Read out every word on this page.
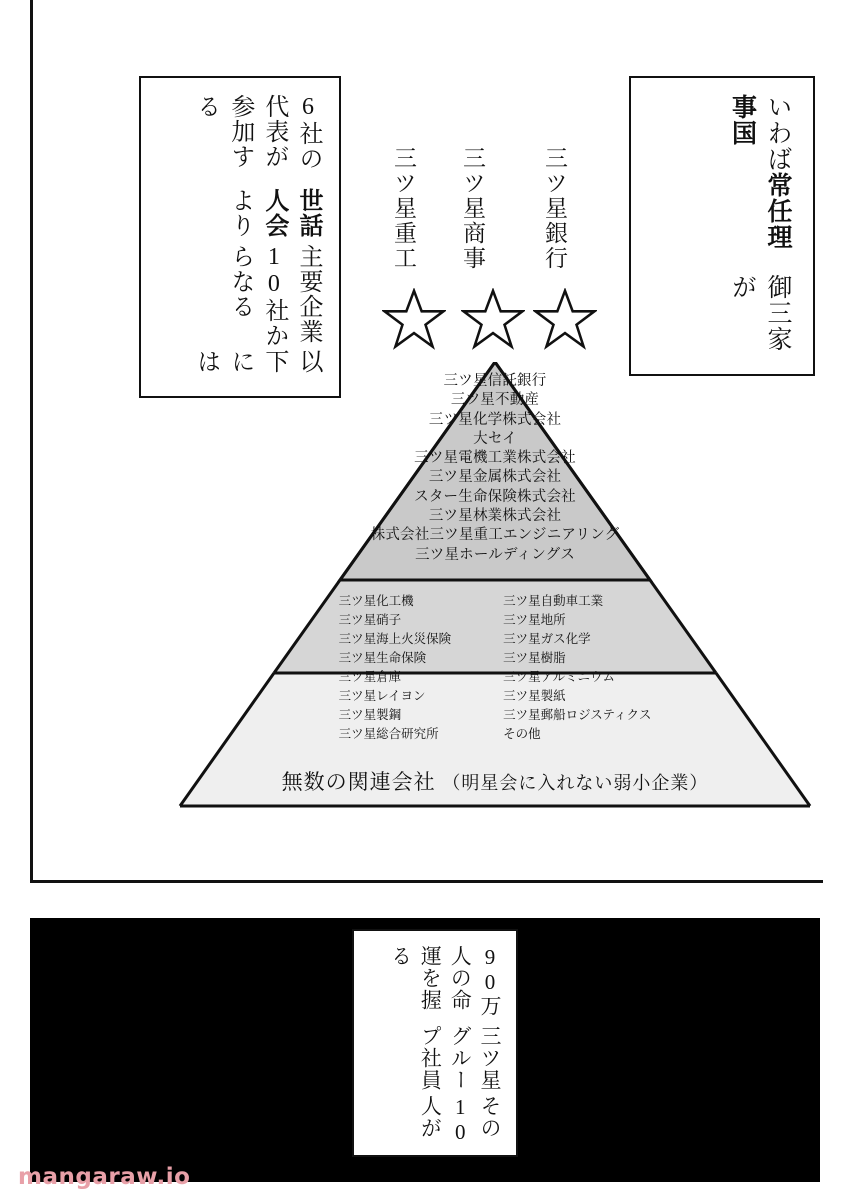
御三家が
いわば常任理事国
以下には
主要企業10社からなる
世話人会より
6社の代表が参加する
三ツ星銀行
三ツ星商事
三ツ星重工
三ツ星信託銀行
三ツ星不動産
三ツ星化学株式会社
大セイ
三ツ星電機工業株式会社
三ツ星金属株式会社
スター生命保険株式会社
三ツ星林業株式会社
株式会社三ツ星重工エンジニアリング
三ツ星ホールディングス
三ツ星化工機
三ツ星硝子
三ツ星海上火災保険
三ツ星生命保険
三ツ星倉庫
三ツ星レイヨン
三ツ星製鋼
三ツ星総合研究所
三ツ星自動車工業
三ツ星地所
三ツ星ガス化学
三ツ星樹脂
三ツ星アルミニウム
三ツ星製紙
三ツ星郵船ロジスティクス
その他
無数の関連会社 （明星会に入れない弱小企業）
その10人が
三ツ星グループ社員
90万人の命運を握る
mangaraw.io
